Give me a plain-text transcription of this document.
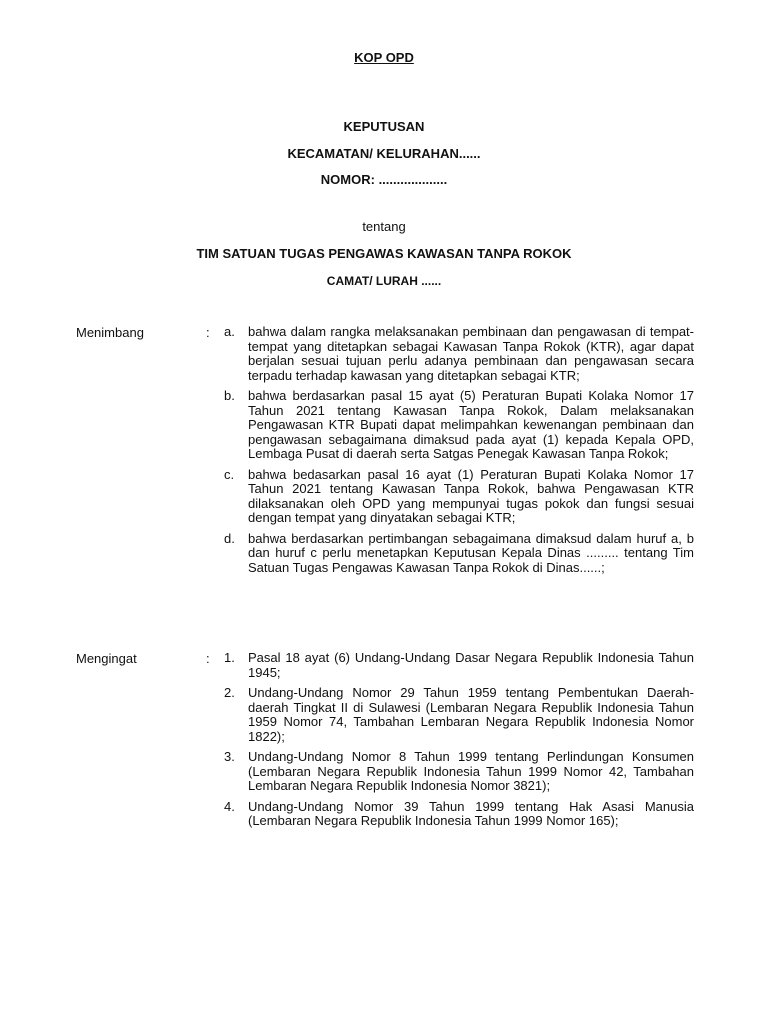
KOP OPD
KEPUTUSAN
KECAMATAN/ KELURAHAN......
NOMOR: ...................
tentang
TIM SATUAN TUGAS PENGAWAS KAWASAN TANPA ROKOK
CAMAT/ LURAH ......
Menimbang	: a. bahwa dalam rangka melaksanakan pembinaan dan pengawasan di tempat-tempat yang ditetapkan sebagai Kawasan Tanpa Rokok (KTR), agar dapat berjalan sesuai tujuan perlu adanya pembinaan dan pengawasan secara terpadu terhadap kawasan yang ditetapkan sebagai KTR;
b. bahwa berdasarkan pasal 15 ayat (5) Peraturan Bupati Kolaka Nomor 17 Tahun 2021 tentang Kawasan Tanpa Rokok, Dalam melaksanakan Pengawasan KTR Bupati dapat melimpahkan kewenangan pembinaan dan pengawasan sebagaimana dimaksud pada ayat (1) kepada Kepala OPD, Lembaga Pusat di daerah serta Satgas Penegak Kawasan Tanpa Rokok;
c. bahwa bedasarkan pasal 16 ayat (1) Peraturan Bupati Kolaka Nomor 17 Tahun 2021 tentang Kawasan Tanpa Rokok, bahwa Pengawasan KTR dilaksanakan oleh OPD yang mempunyai tugas pokok dan fungsi sesuai dengan tempat yang dinyatakan sebagai KTR;
d. bahwa berdasarkan pertimbangan sebagaimana dimaksud dalam huruf a, b dan huruf c perlu menetapkan Keputusan Kepala Dinas ......... tentang Tim Satuan Tugas Pengawas Kawasan Tanpa Rokok di Dinas......;
Mengingat	: 1. Pasal 18 ayat (6) Undang-Undang Dasar Negara Republik Indonesia Tahun 1945;
2. Undang-Undang Nomor 29 Tahun 1959 tentang Pembentukan Daerah-daerah Tingkat II di Sulawesi (Lembaran Negara Republik Indonesia Tahun 1959 Nomor 74, Tambahan Lembaran Negara Republik Indonesia Nomor 1822);
3. Undang-Undang Nomor 8 Tahun 1999 tentang Perlindungan Konsumen (Lembaran Negara Republik Indonesia Tahun 1999 Nomor 42, Tambahan Lembaran Negara Republik Indonesia Nomor 3821);
4. Undang-Undang Nomor 39 Tahun 1999 tentang Hak Asasi Manusia (Lembaran Negara Republik Indonesia Tahun 1999 Nomor 165);
